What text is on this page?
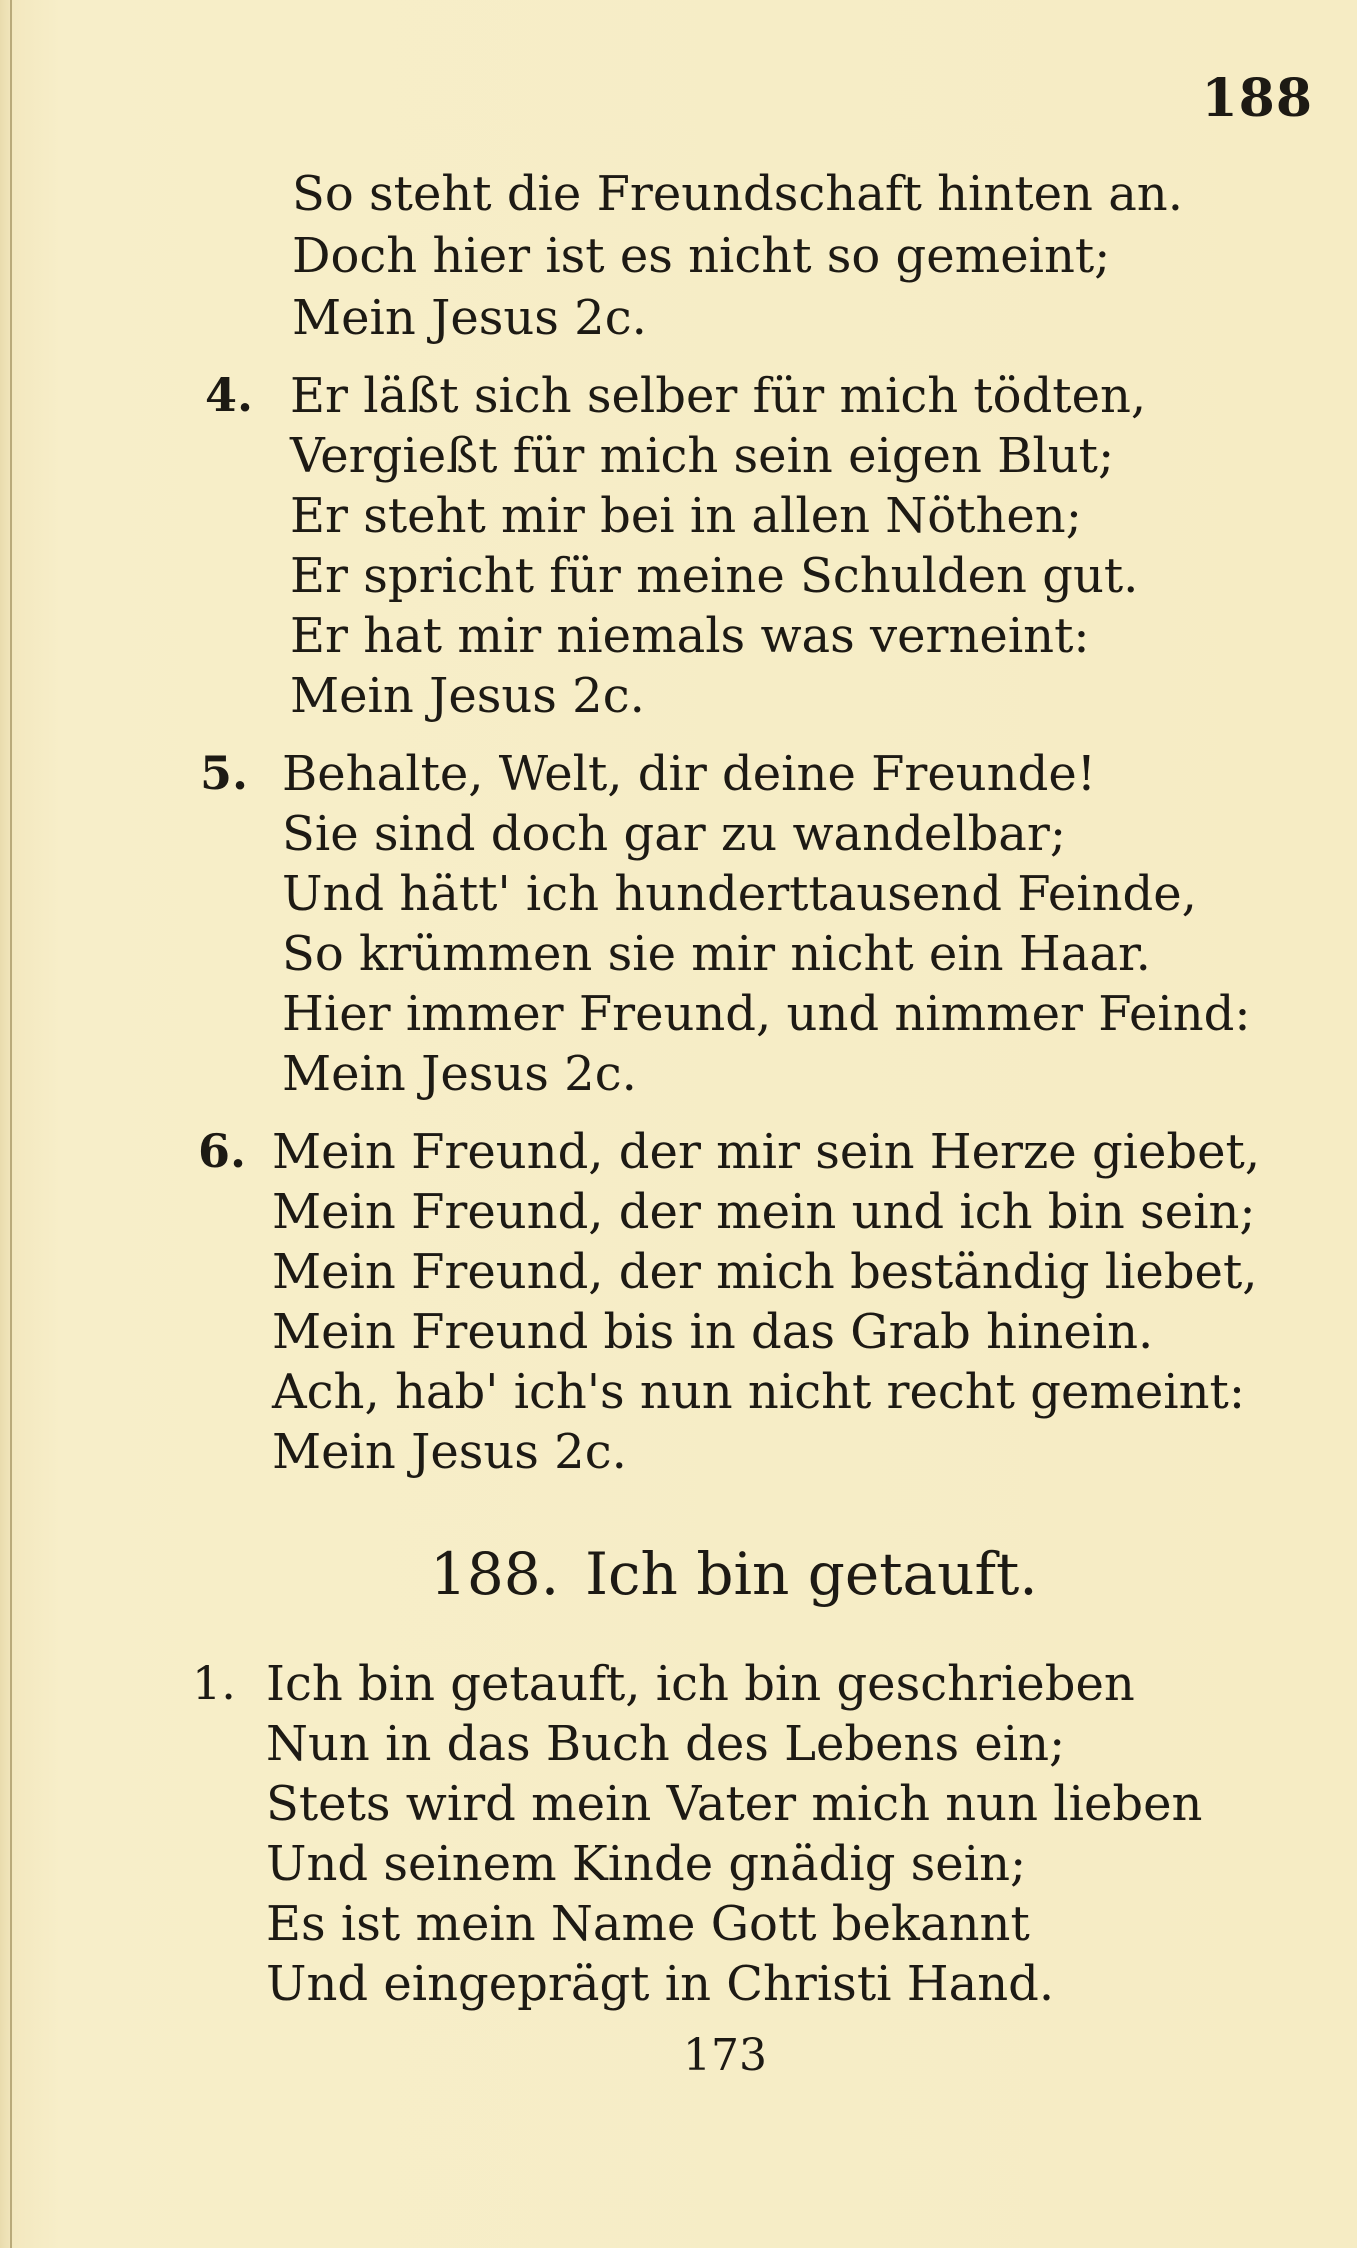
188
So steht die Freundschaft hinten an.
Doch hier ist es nicht so gemeint;
Mein Jesus 2c.
4. Er läßt sich selber für mich tödten,
Vergießt für mich sein eigen Blut;
Er steht mir bei in allen Nöthen;
Er spricht für meine Schulden gut.
Er hat mir niemals was verneint:
Mein Jesus 2c.
5. Behalte, Welt, dir deine Freunde!
Sie sind doch gar zu wandelbar;
Und hätt' ich hunderttausend Feinde,
So krümmen sie mir nicht ein Haar.
Hier immer Freund, und nimmer Feind:
Mein Jesus 2c.
6. Mein Freund, der mir sein Herze giebet,
Mein Freund, der mein und ich bin sein;
Mein Freund, der mich beständig liebet,
Mein Freund bis in das Grab hinein.
Ach, hab' ich's nun nicht recht gemeint:
Mein Jesus 2c.
188. Ich bin getauft.
1. Ich bin getauft, ich bin geschrieben
Nun in das Buch des Lebens ein;
Stets wird mein Vater mich nun lieben
Und seinem Kinde gnädig sein;
Es ist mein Name Gott bekannt
Und eingeprägt in Christi Hand.
173
